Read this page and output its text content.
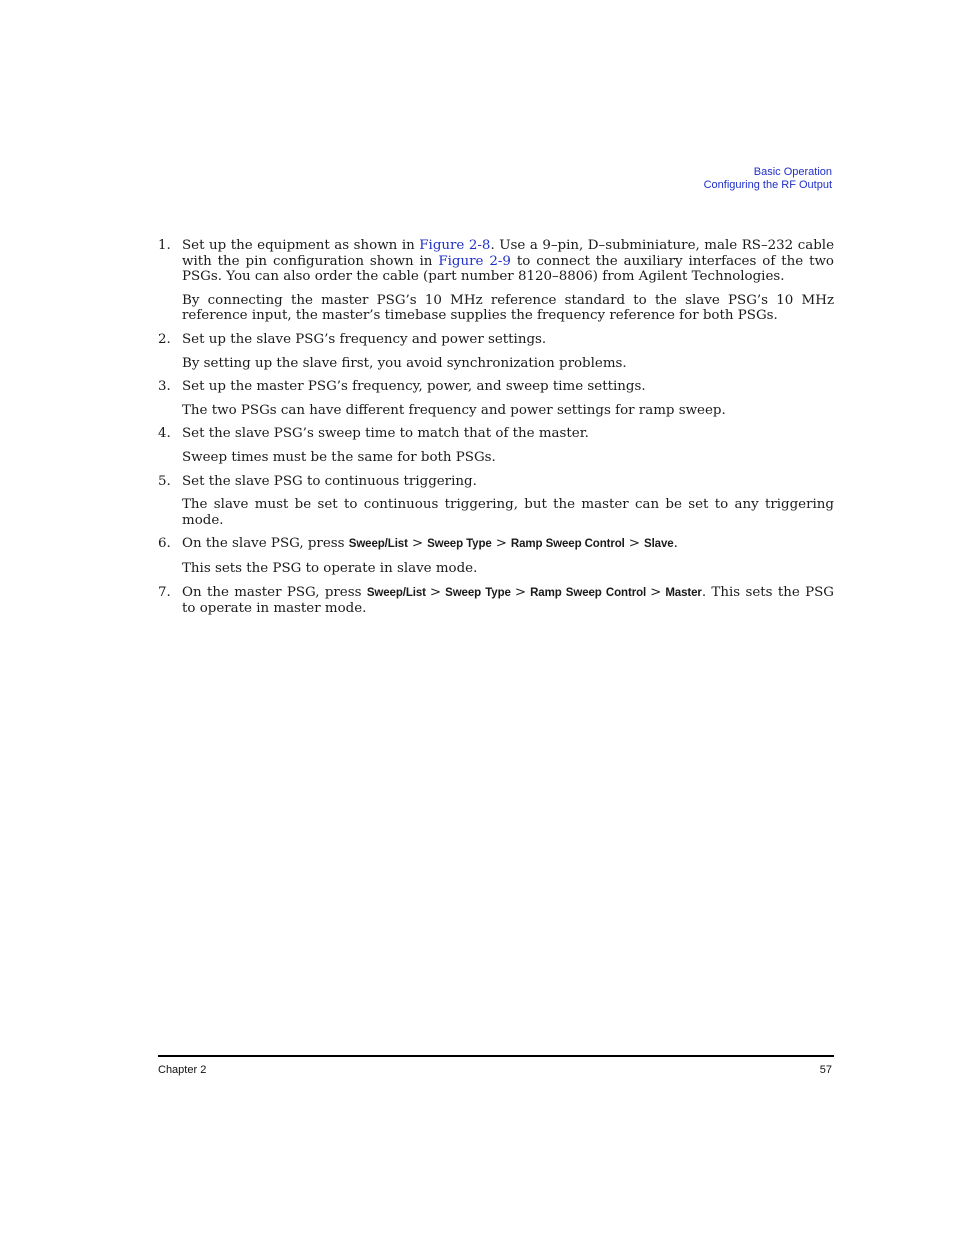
Basic Operation
Configuring the RF Output
1. Set up the equipment as shown in Figure 2-8. Use a 9–pin, D–subminiature, male RS–232 cable with the pin configuration shown in Figure 2-9 to connect the auxiliary interfaces of the two PSGs. You can also order the cable (part number 8120–8806) from Agilent Technologies.
By connecting the master PSG’s 10 MHz reference standard to the slave PSG’s 10 MHz reference input, the master’s timebase supplies the frequency reference for both PSGs.
2. Set up the slave PSG’s frequency and power settings.
By setting up the slave first, you avoid synchronization problems.
3. Set up the master PSG’s frequency, power, and sweep time settings.
The two PSGs can have different frequency and power settings for ramp sweep.
4. Set the slave PSG’s sweep time to match that of the master.
Sweep times must be the same for both PSGs.
5. Set the slave PSG to continuous triggering.
The slave must be set to continuous triggering, but the master can be set to any triggering mode.
6. On the slave PSG, press Sweep/List > Sweep Type > Ramp Sweep Control > Slave.
This sets the PSG to operate in slave mode.
7. On the master PSG, press Sweep/List > Sweep Type > Ramp Sweep Control > Master. This sets the PSG to operate in master mode.
Chapter 2	57
